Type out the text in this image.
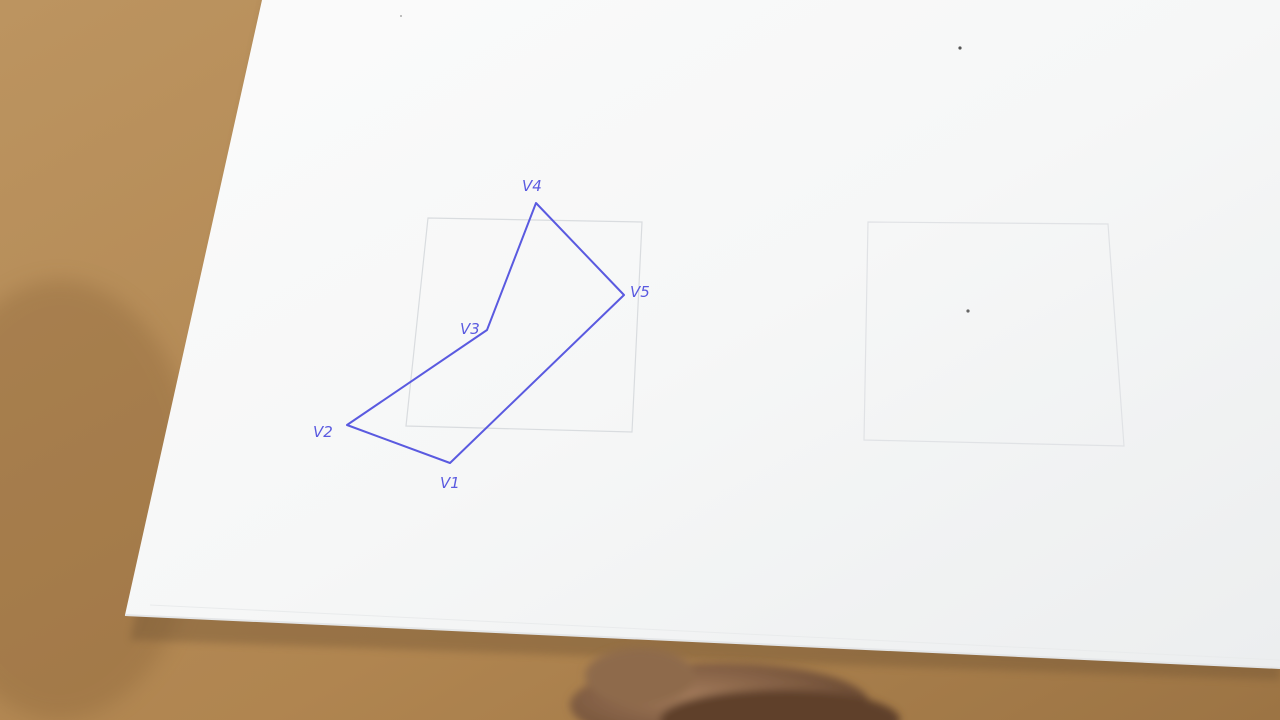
V1
V2
V3
V4
V5
